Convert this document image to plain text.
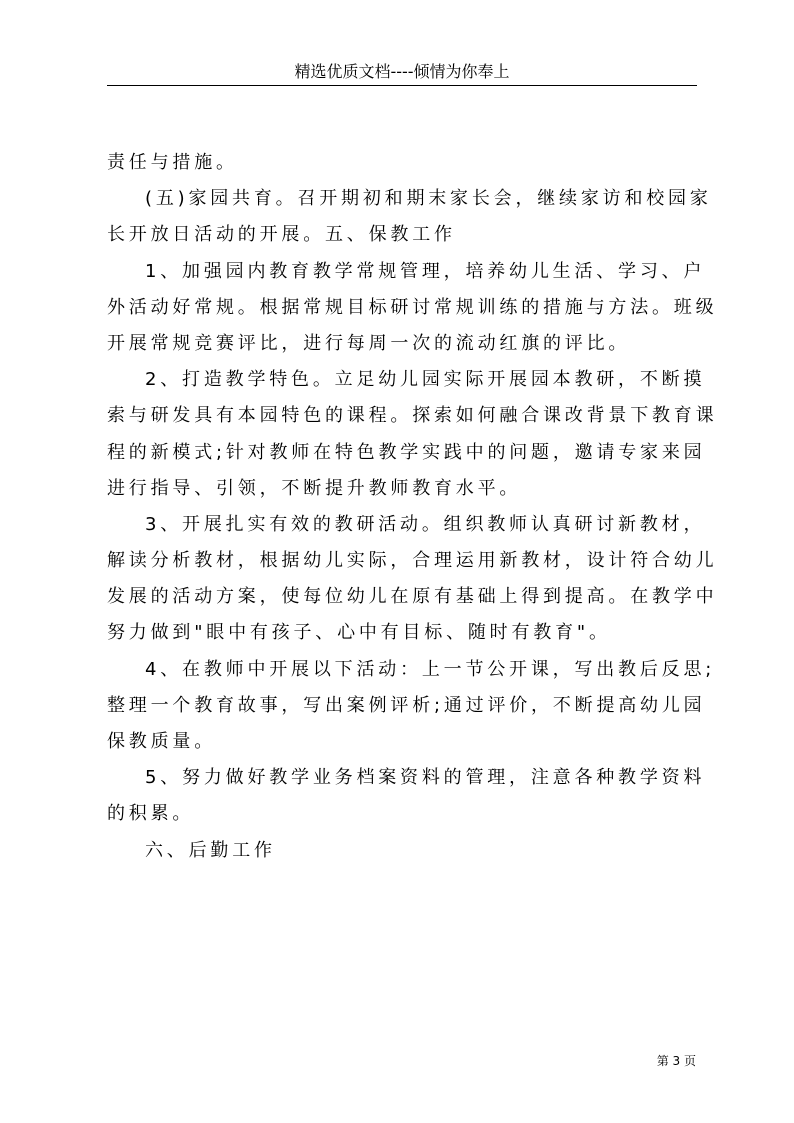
精选优质文档----倾情为你奉上
责任与措施。
(五)家园共育。召开期初和期末家长会，继续家访和校园家
长开放日活动的开展。五、保教工作
1、加强园内教育教学常规管理，培养幼儿生活、学习、户
外活动好常规。根据常规目标研讨常规训练的措施与方法。班级
开展常规竞赛评比，进行每周一次的流动红旗的评比。
2、打造教学特色。立足幼儿园实际开展园本教研，不断摸
索与研发具有本园特色的课程。探索如何融合课改背景下教育课
程的新模式;针对教师在特色教学实践中的问题，邀请专家来园
进行指导、引领，不断提升教师教育水平。
3、开展扎实有效的教研活动。组织教师认真研讨新教材，
解读分析教材，根据幼儿实际，合理运用新教材，设计符合幼儿
发展的活动方案，使每位幼儿在原有基础上得到提高。在教学中
努力做到"眼中有孩子、心中有目标、随时有教育"。
4、在教师中开展以下活动：上一节公开课，写出教后反思;
整理一个教育故事，写出案例评析;通过评价，不断提高幼儿园
保教质量。
5、努力做好教学业务档案资料的管理，注意各种教学资料
的积累。
六、后勤工作
第 3 页
